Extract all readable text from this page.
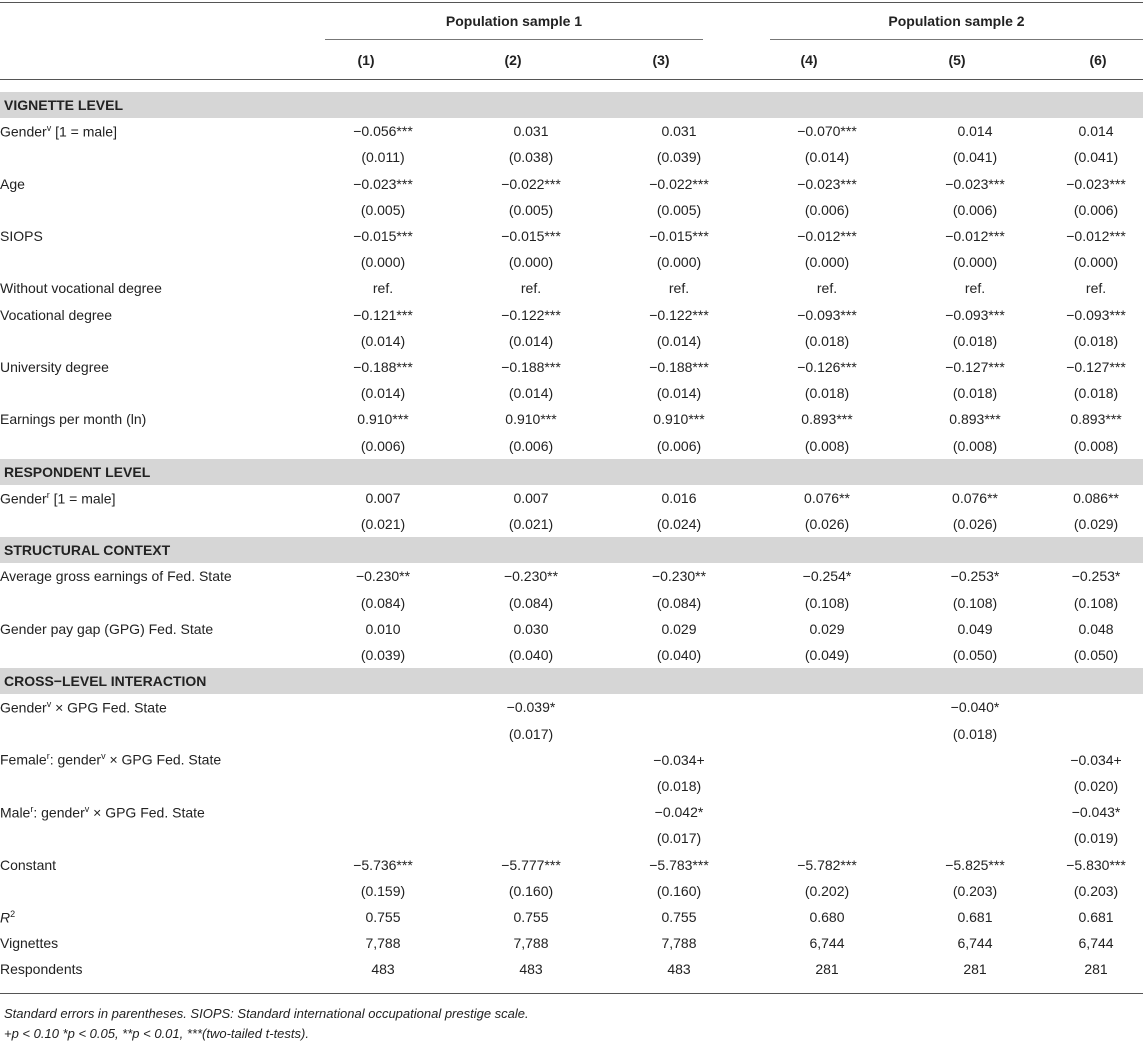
Population sample 1	Population sample 2
(1)	(2)	(3)	(4)	(5)	(6)
VIGNETTE LEVEL							
Gender$^v$ [1 = male]	−0.056***	0.031	0.031	−0.070***	0.014	0.014	
	(0.011)	(0.038)	(0.039)	(0.014)	(0.041)	(0.041)	
Age	−0.023***	−0.022***	−0.022***	−0.023***	−0.023***	−0.023***	
	(0.005)	(0.005)	(0.005)	(0.006)	(0.006)	(0.006)	
SIOPS	−0.015***	−0.015***	−0.015***	−0.012***	−0.012***	−0.012***	
	(0.000)	(0.000)	(0.000)	(0.000)	(0.000)	(0.000)	
Without vocational degree	ref.	ref.	ref.	ref.	ref.	ref.	
Vocational degree	−0.121***	−0.122***	−0.122***	−0.093***	−0.093***	−0.093***	
	(0.014)	(0.014)	(0.014)	(0.018)	(0.018)	(0.018)	
University degree	−0.188***	−0.188***	−0.188***	−0.126***	−0.127***	−0.127***	
	(0.014)	(0.014)	(0.014)	(0.018)	(0.018)	(0.018)	
Earnings per month (ln)	0.910***	0.910***	0.910***	0.893***	0.893***	0.893***	
	(0.006)	(0.006)	(0.006)	(0.008)	(0.008)	(0.008)	
RESPONDENT LEVEL							
Gender$^r$ [1 = male]	0.007	0.007	0.016	0.076**	0.076**	0.086**	
	(0.021)	(0.021)	(0.024)	(0.026)	(0.026)	(0.029)	
STRUCTURAL CONTEXT							
Average gross earnings of Fed. State	−0.230**	−0.230**	−0.230**	−0.254*	−0.253*	−0.253*	
	(0.084)	(0.084)	(0.084)	(0.108)	(0.108)	(0.108)	
Gender pay gap (GPG) Fed. State	0.010	0.030	0.029	0.029	0.049	0.048	
	(0.039)	(0.040)	(0.040)	(0.049)	(0.050)	(0.050)	
CROSS−LEVEL INTERACTION							
Gender$^v$ × GPG Fed. State		−0.039*			−0.040*		
		(0.017)			(0.018)		
Female$^r$: gender$^v$ × GPG Fed. State			−0.034+			−0.034+	
			(0.018)			(0.020)	
Male$^r$: gender$^v$ × GPG Fed. State			−0.042*			−0.043*	
			(0.017)			(0.019)	
Constant	−5.736***	−5.777***	−5.783***	−5.782***	−5.825***	−5.830***	
	(0.159)	(0.160)	(0.160)	(0.202)	(0.203)	(0.203)	
$R^2$	0.755	0.755	0.755	0.680	0.681	0.681	
Vignettes	7,788	7,788	7,788	6,744	6,744	6,744	
Respondents	483	483	483	281	281	281	
Standard errors in parentheses. SIOPS: Standard international occupational prestige scale.
+p < 0.10 *p < 0.05, **p < 0.01, ***(two-tailed t-tests).
